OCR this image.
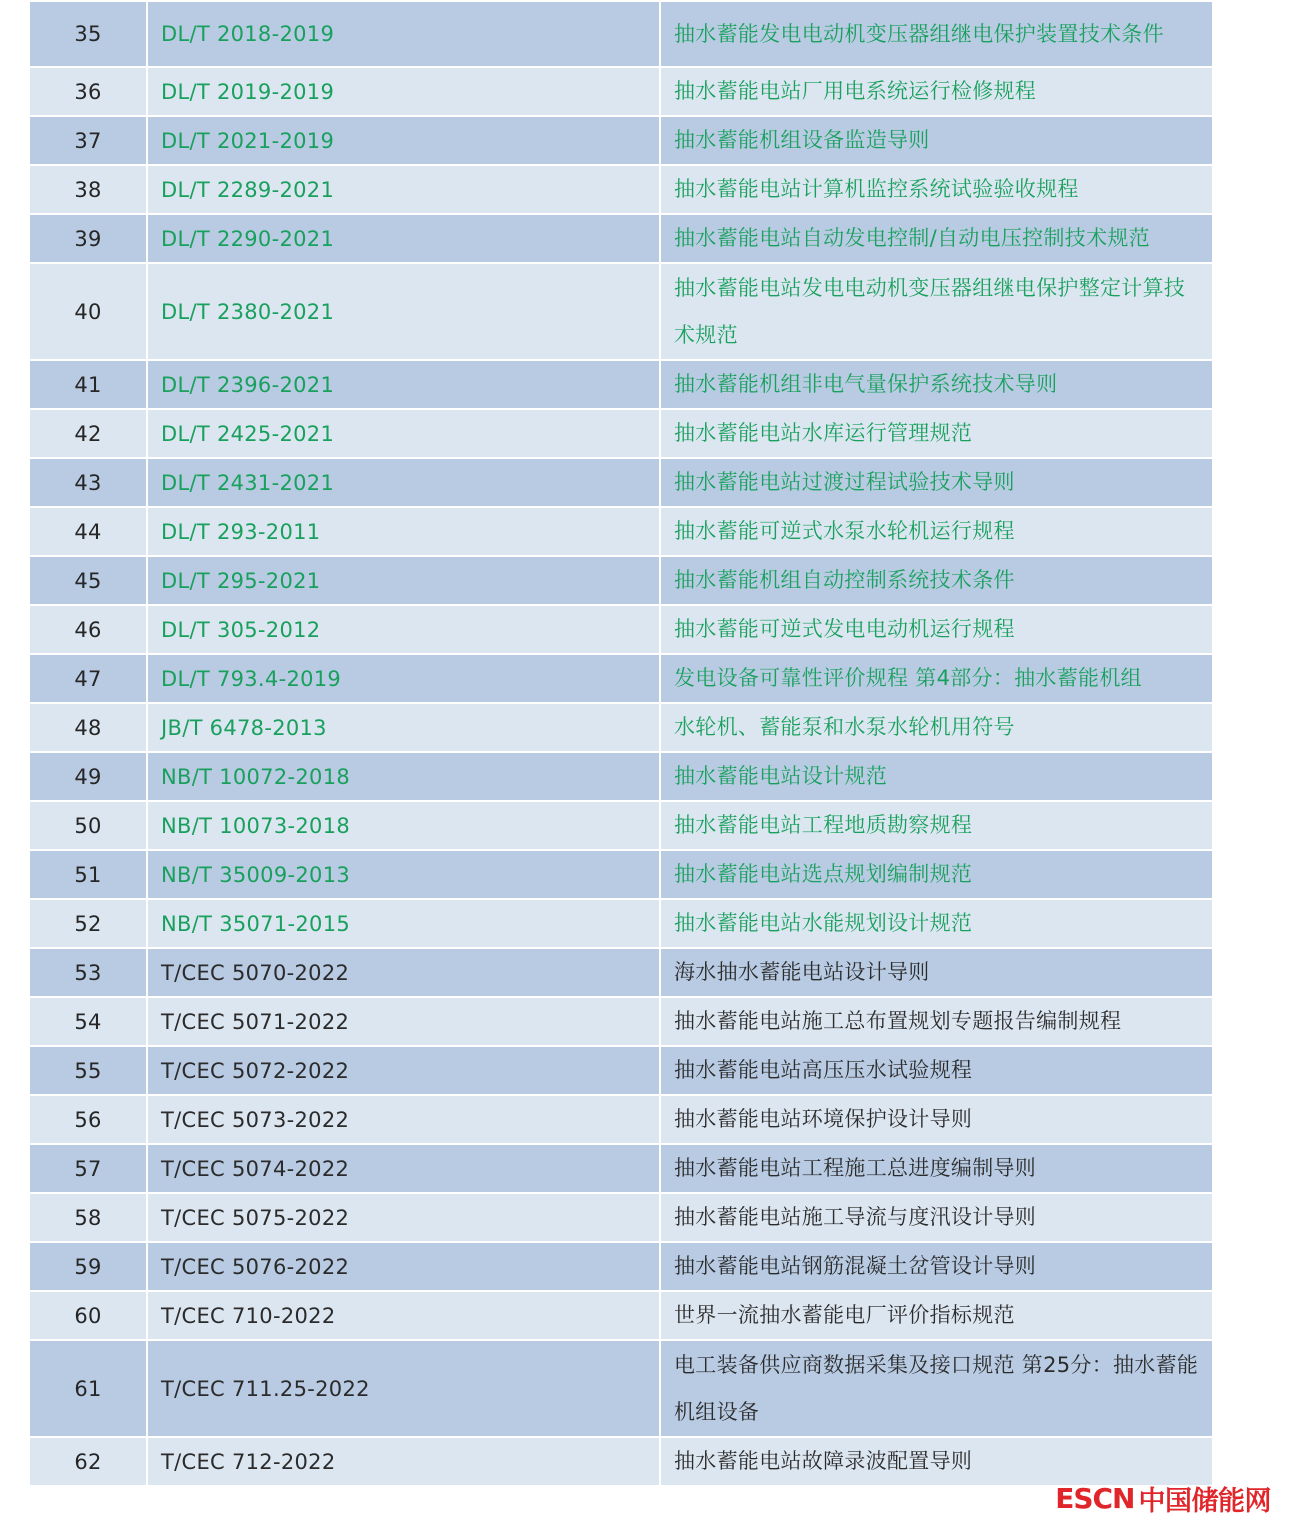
35	DL/T 2018-2019	抽水蓄能发电电动机变压器组继电保护装置技术条件
36	DL/T 2019-2019	抽水蓄能电站厂用电系统运行检修规程
37	DL/T 2021-2019	抽水蓄能机组设备监造导则
38	DL/T 2289-2021	抽水蓄能电站计算机监控系统试验验收规程
39	DL/T 2290-2021	抽水蓄能电站自动发电控制/自动电压控制技术规范
40	DL/T 2380-2021	抽水蓄能电站发电电动机变压器组继电保护整定计算技术规范
41	DL/T 2396-2021	抽水蓄能机组非电气量保护系统技术导则
42	DL/T 2425-2021	抽水蓄能电站水库运行管理规范
43	DL/T 2431-2021	抽水蓄能电站过渡过程试验技术导则
44	DL/T 293-2011	抽水蓄能可逆式水泵水轮机运行规程
45	DL/T 295-2021	抽水蓄能机组自动控制系统技术条件
46	DL/T 305-2012	抽水蓄能可逆式发电电动机运行规程
47	DL/T 793.4-2019	发电设备可靠性评价规程 第4部分：抽水蓄能机组
48	JB/T 6478-2013	水轮机、蓄能泵和水泵水轮机用符号
49	NB/T 10072-2018	抽水蓄能电站设计规范
50	NB/T 10073-2018	抽水蓄能电站工程地质勘察规程
51	NB/T 35009-2013	抽水蓄能电站选点规划编制规范
52	NB/T 35071-2015	抽水蓄能电站水能规划设计规范
53	T/CEC 5070-2022	海水抽水蓄能电站设计导则
54	T/CEC 5071-2022	抽水蓄能电站施工总布置规划专题报告编制规程
55	T/CEC 5072-2022	抽水蓄能电站高压压水试验规程
56	T/CEC 5073-2022	抽水蓄能电站环境保护设计导则
57	T/CEC 5074-2022	抽水蓄能电站工程施工总进度编制导则
58	T/CEC 5075-2022	抽水蓄能电站施工导流与度汛设计导则
59	T/CEC 5076-2022	抽水蓄能电站钢筋混凝土岔管设计导则
60	T/CEC 710-2022	世界一流抽水蓄能电厂评价指标规范
61	T/CEC 711.25-2022	电工装备供应商数据采集及接口规范 第25分：抽水蓄能机组设备
62	T/CEC 712-2022	抽水蓄能电站故障录波配置导则
ESCN 中国储能网
